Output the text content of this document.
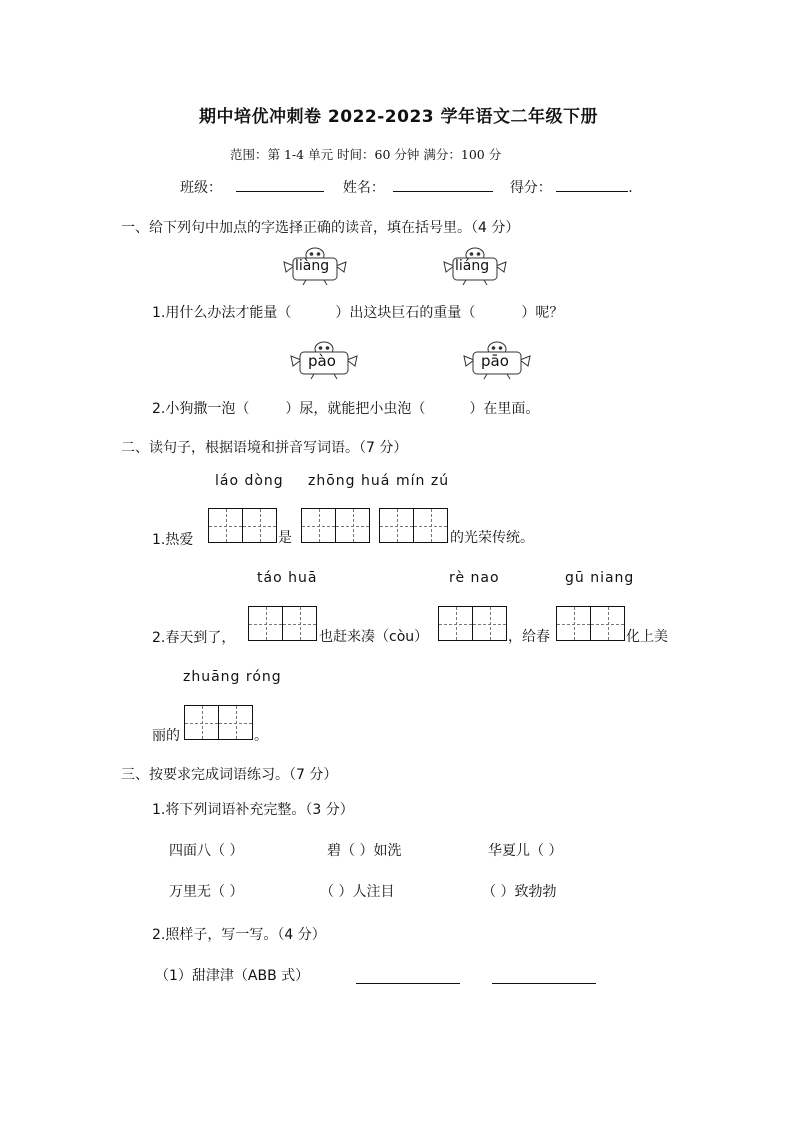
期中培优冲刺卷 2022-2023 学年语文二年级下册
范围：第 1-4 单元 时间：60 分钟 满分：100 分
班级：	姓名：	得分：	.
一、给下列句中加点的字选择正确的读音，填在括号里。（4 分）
liàng	liáng
1.用什么办法才能量（	）出这块巨石的重量（	）呢？
pào	pāo
2.小狗撒一泡（	）尿，就能把小虫泡（	）在里面。
二、读句子，根据语境和拼音写词语。（7 分）
láo dòng zhōng huá mín zú
1.热爱	是	的光荣传统。
táo huā	rè nao	gū niang
2.春天到了，	也赶来凑（còu）	，给春	化上美
zhuāng róng
丽的	。
三、按要求完成词语练习。（7 分）
1.将下列词语补充完整。（3 分）
四面八（ ）	碧（ ）如洗	华夏儿（ ）
万里无（ ）	（ ）人注目	（ ）致勃勃
2.照样子，写一写。（4 分）
（1）甜津津（ABB 式）
